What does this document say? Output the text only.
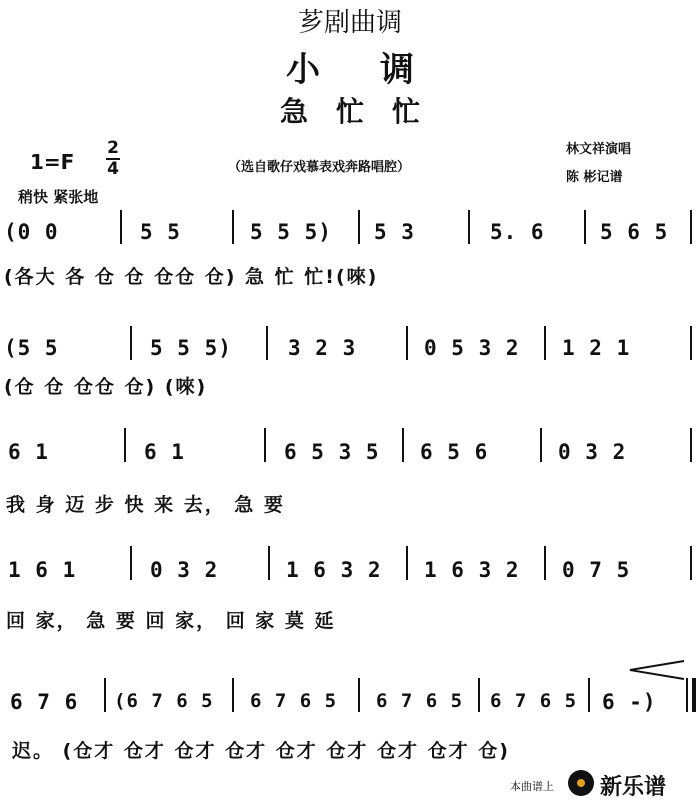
芗剧曲调
小调
急忙忙
1=F
2
4	（选自歌仔戏慕表戏奔路唱腔）
林文祥演唱
陈 彬记谱
稍快 紧张地
(0 0	5 5	5 5 5) 5 3	5. 6	5 6 5
(各大 各 仓 仓 仓仓 仓) 急 忙 忙!(唻)
(5 5	5 5 5)	3 2 3	0 5 3 2 1 2 1
(仓 仓 仓仓 仓) (唻)
6 1	6 1	6 5 3 5 6 5 6	0 3 2
我 身 迈 步 快 来 去， 急 要
1 6 1	0 3 2	1 6 3 2 1 6 3 2 0 7 5
回 家， 急 要 回 家， 回 家 莫 延
6 7 6 (6 7 6 5 6 7 6 5 6 7 6 5 6 7 6 5 6 -)
迟。 (仓才 仓才 仓才 仓才 仓才 仓才 仓才 仓才 仓)
本曲谱上 新乐谱
